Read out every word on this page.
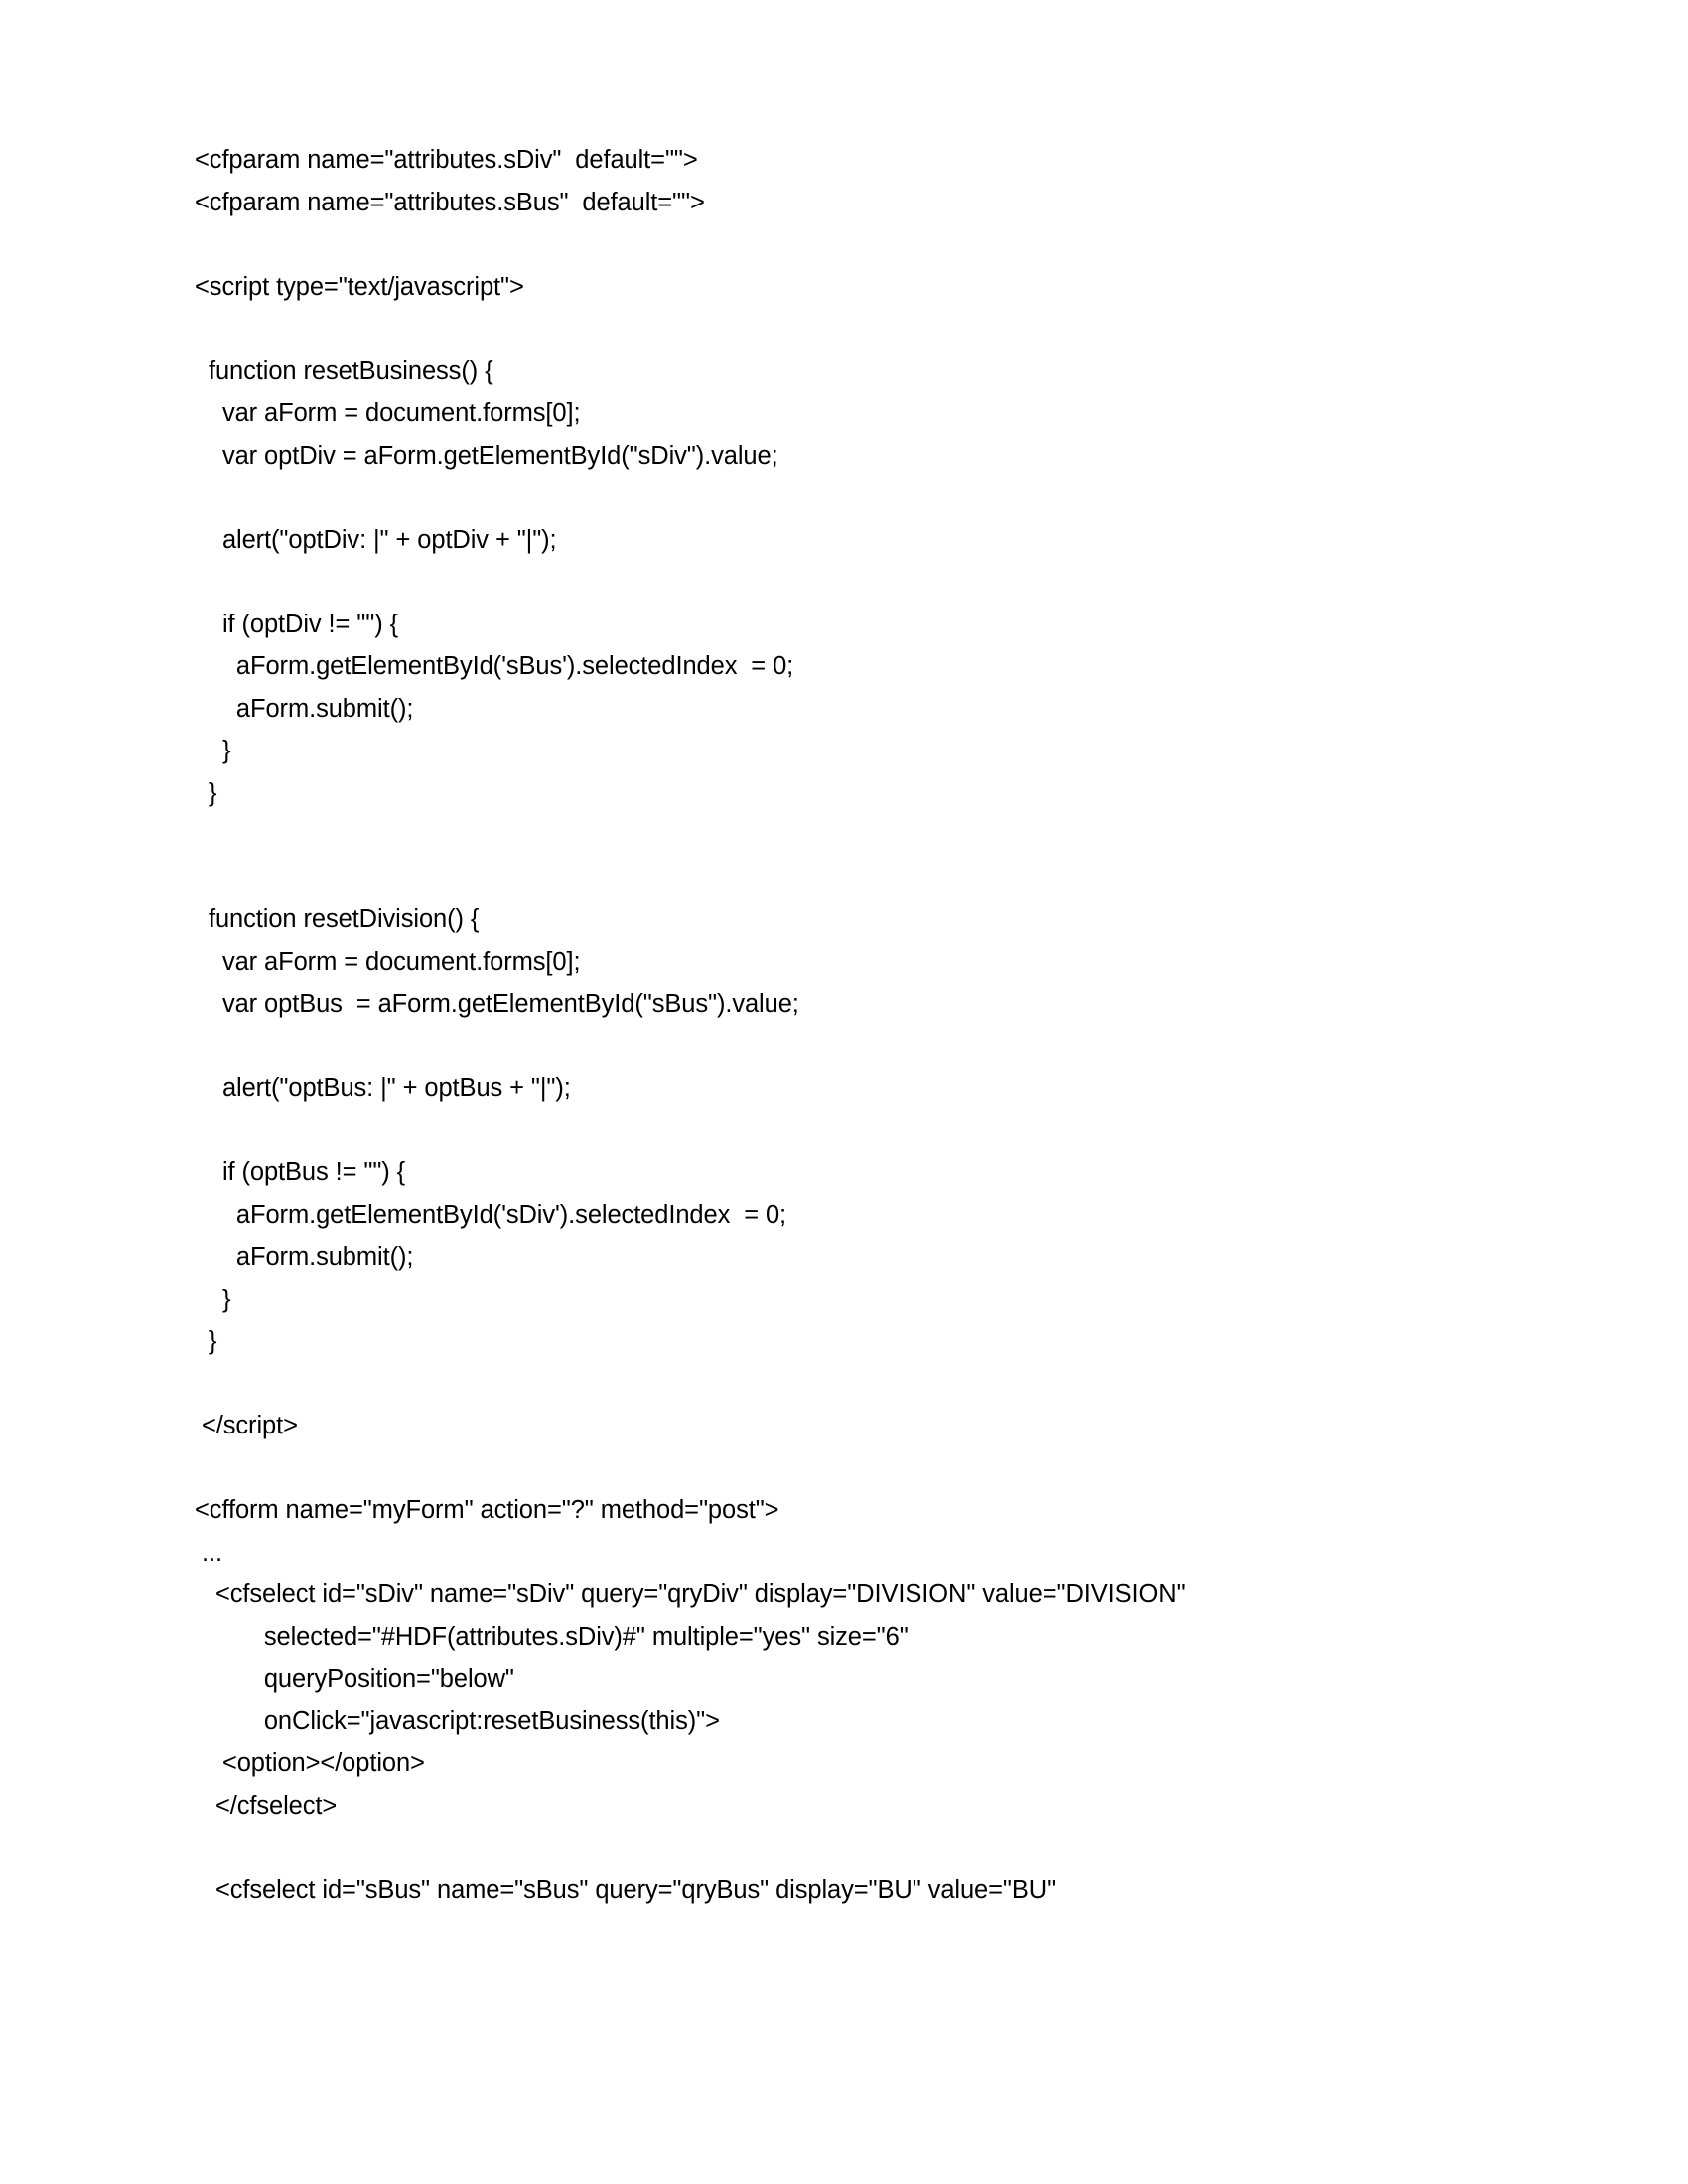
<cfparam name="attributes.sDiv"  default="">
<cfparam name="attributes.sBus"  default="">

<script type="text/javascript">

function resetBusiness() {
var aForm = document.forms[0];
var optDiv = aForm.getElementById("sDiv").value;

alert("optDiv: |" + optDiv + "|");

if (optDiv != "") {
aForm.getElementById('sBus').selectedIndex  = 0;
aForm.submit();
}
}

function resetDivision() {
var aForm = document.forms[0];
var optBus  = aForm.getElementById("sBus").value;

alert("optBus: |" + optBus + "|");

if (optBus != "") {
aForm.getElementById('sDiv').selectedIndex  = 0;
aForm.submit();
}
}

</script>

<cfform name="myForm" action="?" method="post">
...
<cfselect id="sDiv" name="sDiv" query="qryDiv" display="DIVISION" value="DIVISION"
selected="#HDF(attributes.sDiv)#" multiple="yes" size="6"
queryPosition="below"
onClick="javascript:resetBusiness(this)">
<option></option>
</cfselect>

<cfselect id="sBus" name="sBus" query="qryBus" display="BU" value="BU"
